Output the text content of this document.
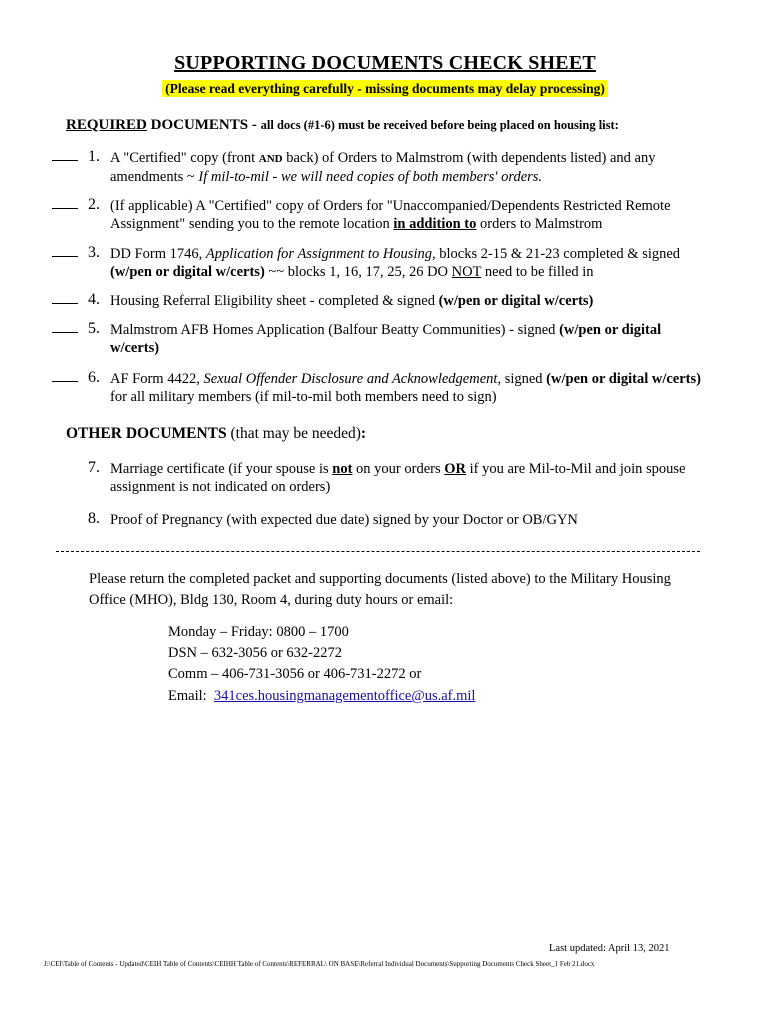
SUPPORTING DOCUMENTS CHECK SHEET
(Please read everything carefully - missing documents may delay processing)
REQUIRED DOCUMENTS - all docs (#1-6) must be received before being placed on housing list:
1. A "Certified" copy (front AND back) of Orders to Malmstrom (with dependents listed) and any amendments ~ If mil-to-mil - we will need copies of both members' orders.
2. (If applicable) A "Certified" copy of Orders for "Unaccompanied/Dependents Restricted Remote Assignment" sending you to the remote location in addition to orders to Malmstrom
3. DD Form 1746, Application for Assignment to Housing, blocks 2-15 & 21-23 completed & signed (w/pen or digital w/certs) ~~ blocks 1, 16, 17, 25, 26 DO NOT need to be filled in
4. Housing Referral Eligibility sheet - completed & signed (w/pen or digital w/certs)
5. Malmstrom AFB Homes Application (Balfour Beatty Communities) - signed (w/pen or digital w/certs)
6. AF Form 4422, Sexual Offender Disclosure and Acknowledgement, signed (w/pen or digital w/certs) for all military members (if mil-to-mil both members need to sign)
OTHER DOCUMENTS (that may be needed):
7. Marriage certificate (if your spouse is not on your orders OR if you are Mil-to-Mil and join spouse assignment is not indicated on orders)
8. Proof of Pregnancy (with expected due date) signed by your Doctor or OB/GYN
Please return the completed packet and supporting documents (listed above) to the Military Housing Office (MHO), Bldg 130, Room 4, during duty hours or email:
Monday – Friday: 0800 – 1700
DSN – 632-3056 or 632-2272
Comm – 406-731-3056 or 406-731-2272 or
Email:  341ces.housingmanagementoffice@us.af.mil
Last updated: April 13, 2021
J:\CEI\Table of Contents - Updated\CEIH Table of Contents\CEIHH Table of Contents\REFERRAL\ ON BASE\Referral Individual Documents\Supporting Documents Check Sheet_1 Feb 21.docx
